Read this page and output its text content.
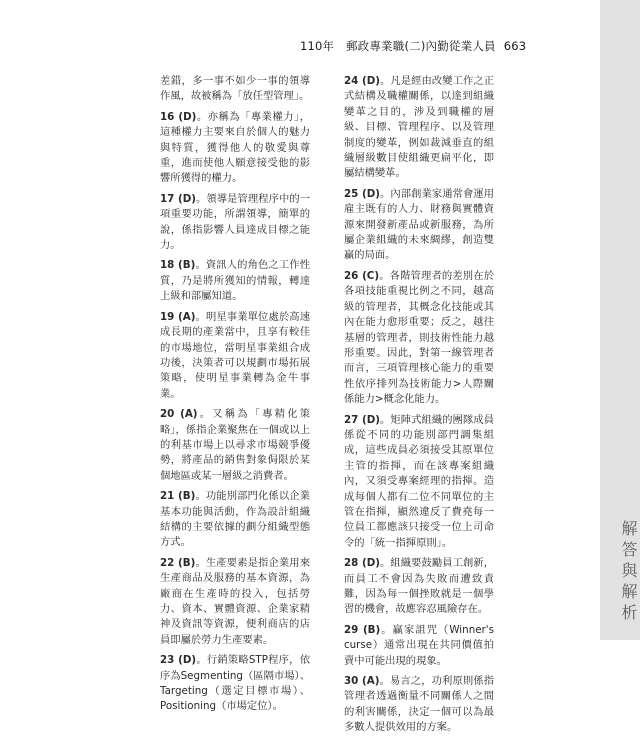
110年　郵政專業職(二)內勤從業人員 663
解答與解析

差錯，多一事不如少一事的領導作風，故被稱為「放任型管理」。

16 (D)。亦稱為「專業權力」，這種權力主要來自於個人的魅力與特質，獲得他人的敬愛與尊重，進而使他人願意接受他的影響所獲得的權力。

17 (D)。領導是管理程序中的一項重要功能，所謂領導，簡單的說，係指影響人員達成目標之能力。

18 (B)。資訊人的角色之工作性質，乃是將所獲知的情報，轉達上級和部屬知道。

19 (A)。明星事業單位處於高速成長期的產業當中，且享有較佳的市場地位，當明星事業組合成功後，決策者可以規劃市場拓展策略，使明星事業轉為金牛事業。

20 (A)。又稱為「專精化策略」，係指企業聚焦在一個或以上的利基市場上以尋求市場競爭優勢，將產品的銷售對象侷限於某個地區或某一層級之消費者。

21 (B)。功能別部門化係以企業基本功能與活動，作為設計組織結構的主要依據的劃分組織型態方式。

22 (B)。生產要素是指企業用來生產商品及服務的基本資源，為廠商在生產時的投入，包括勞力、資本、實體資源、企業家精神及資訊等資源，便利商店的店員即屬於勞力生產要素。

23 (D)。行銷策略STP程序，依序為Segmenting（區隔市場）、Targeting（選定目標市場）、Positioning（市場定位）。

24 (D)。凡是經由改變工作之正式結構及職權關係，以達到組織變革之目的，涉及到職權的層級、目標、管理程序、以及管理制度的變革，例如裁減垂直的組織層級數目使組織更扁平化，即屬結構變革。

25 (D)。內部創業家通常會運用雇主既有的人力、財務與實體資源來開發新產品或新服務，為所屬企業組織的未來綢繆，創造雙贏的局面。

26 (C)。各階管理者的差別在於各項技能重視比例之不同，越高級的管理者，其概念化技能或其內在能力愈形重要；反之，越往基層的管理者，則技術性能力越形重要。因此，對第一線管理者而言，三項管理核心能力的重要性依序排列為技術能力>人際關係能力>概念化能力。

27 (D)。矩陣式組織的團隊成員係從不同的功能別部門調集組成，這些成員必須接受其原單位主管的指揮，而在該專案組織內，又須受專案經理的指揮。造成每個人都有二位不同單位的主管在指揮，顯然違反了費堯每一位員工都應該只接受一位上司命令的「統一指揮原則」。

28 (D)。組織要鼓勵員工創新，而員工不會因為失敗而遭致責難，因為每一個挫敗就是一個學習的機會，故應容忍風險存在。

29 (B)。贏家詛咒（Winner's curse）通常出現在共同價值拍賣中可能出現的現象。

30 (A)。易言之，功利原則係指管理者透過衡量不同關係人之間的利害關係，決定一個可以為最多數人提供效用的方案。
